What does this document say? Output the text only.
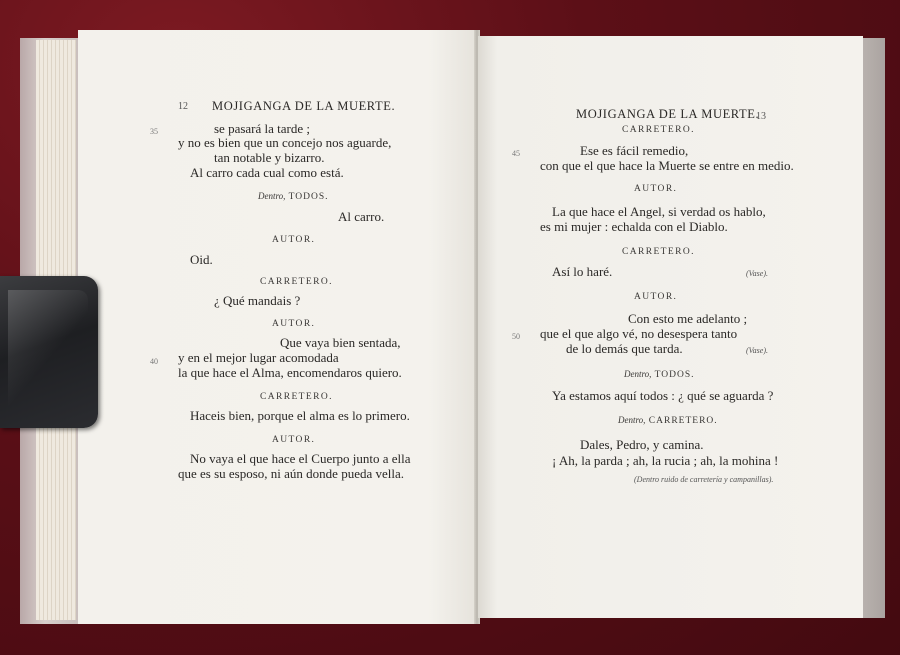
12 MOJIGANGA DE LA MUERTE.
35	se pasará la tarde ;
y no es bien que un concejo nos aguarde,
tan notable y bizarro.
Al carro cada cual como está.
Dentro, TODOS.
Al carro.
AUTOR.
Oid.
CARRETERO.
¿ Qué mandais ?
AUTOR.
Que vaya bien sentada,
40 y en el mejor lugar acomodada
la que hace el Alma, encomendaros quiero.
CARRETERO.
Haceis bien, porque el alma es lo primero.
AUTOR.
No vaya el que hace el Cuerpo junto a ella
que es su esposo, ni aún donde pueda vella.
MOJIGANGA DE LA MUERTE.
13
CARRETERO.
45	Ese es fácil remedio,
con que el que hace la Muerte se entre en medio.
AUTOR.
La que hace el Angel, si verdad os hablo,
es mi mujer : echalda con el Diablo.
CARRETERO.
Así lo haré.	(Vase).
AUTOR.
Con esto me adelanto ;
50 que el que algo vé, no desespera tanto
de lo demás que tarda.	(Vase).
Dentro, TODOS.
Ya estamos aquí todos : ¿ qué se aguarda ?
Dentro, CARRETERO.
Dales, Pedro, y camina.
¡ Ah, la parda ; ah, la rucia ; ah, la mohina !
(Dentro ruido de carretería y campanillas).
